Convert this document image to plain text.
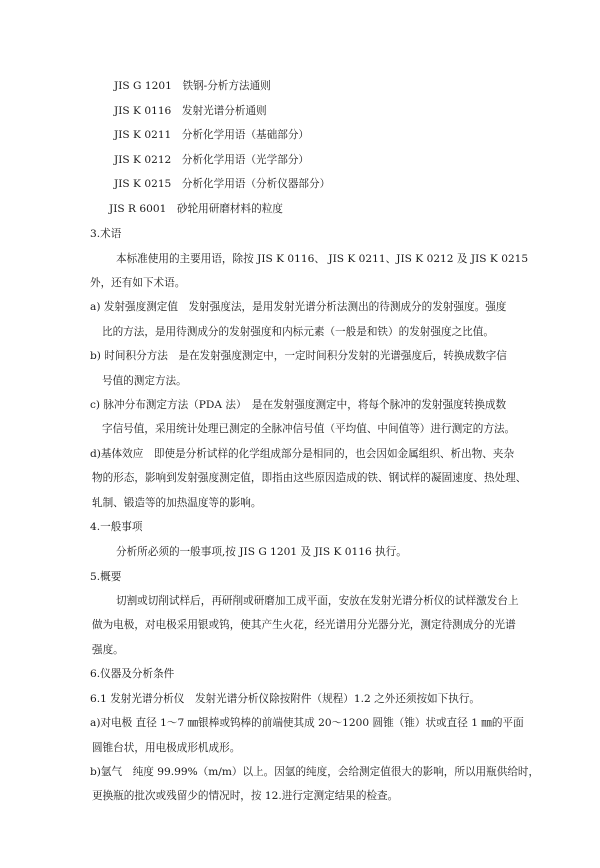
JIS G 1201　铁钢-分析方法通则
JIS K 0116　发射光谱分析通则
JIS K 0211　分析化学用语（基础部分）
JIS K 0212　分析化学用语（光学部分）
JIS K 0215　分析化学用语（分析仪器部分）
JIS R 6001　砂轮用研磨材料的粒度
3.术语
本标准使用的主要用语，除按 JIS K 0116、 JIS K 0211、JIS K 0212 及 JIS K 0215
外，还有如下术语。
a) 发射强度测定值　发射强度法，是用发射光谱分析法测出的待测成分的发射强度。强度
比的方法，是用待测成分的发射强度和内标元素（一般是和铁）的发射强度之比值。
b) 时间积分方法　是在发射强度测定中，一定时间积分发射的光谱强度后，转换成数字信
号值的测定方法。
c) 脉冲分布测定方法（PDA 法）　是在发射强度测定中，将每个脉冲的发射强度转换成数
字信号值，采用统计处理已测定的全脉冲信号值（平均值、中间值等）进行测定的方法。
d)基体效应　即使是分析试样的化学组成部分是相同的，也会因如金属组织、析出物、夹杂
物的形态，影响到发射强度测定值，即指由这些原因造成的铁、钢试样的凝固速度、热处理、
轧制、锻造等的加热温度等的影响。
4.一般事项
分析所必须的一般事项,按 JIS G 1201 及 JIS K 0116 执行。
5.概要
切割或切削试样后，再研削或研磨加工成平面，安放在发射光谱分析仪的试样激发台上
做为电极，对电极采用银或钨，使其产生火花，经光谱用分光器分光，测定待测成分的光谱
强度。
6.仪器及分析条件
6.1 发射光谱分析仪　发射光谱分析仪除按附件（规程）1.2 之外还须按如下执行。
a)对电极 直径 1～7 ㎜银棒或钨棒的前端使其成 20～1200 圆锥（锥）状或直径 1 ㎜的平面
圆锥台状，用电极成形机成形。
b)氩气　纯度 99.99%（m/m）以上。因氩的纯度，会给测定值很大的影响，所以用瓶供给时，
更换瓶的批次或残留少的情况时，按 12.进行定测定结果的检查。
